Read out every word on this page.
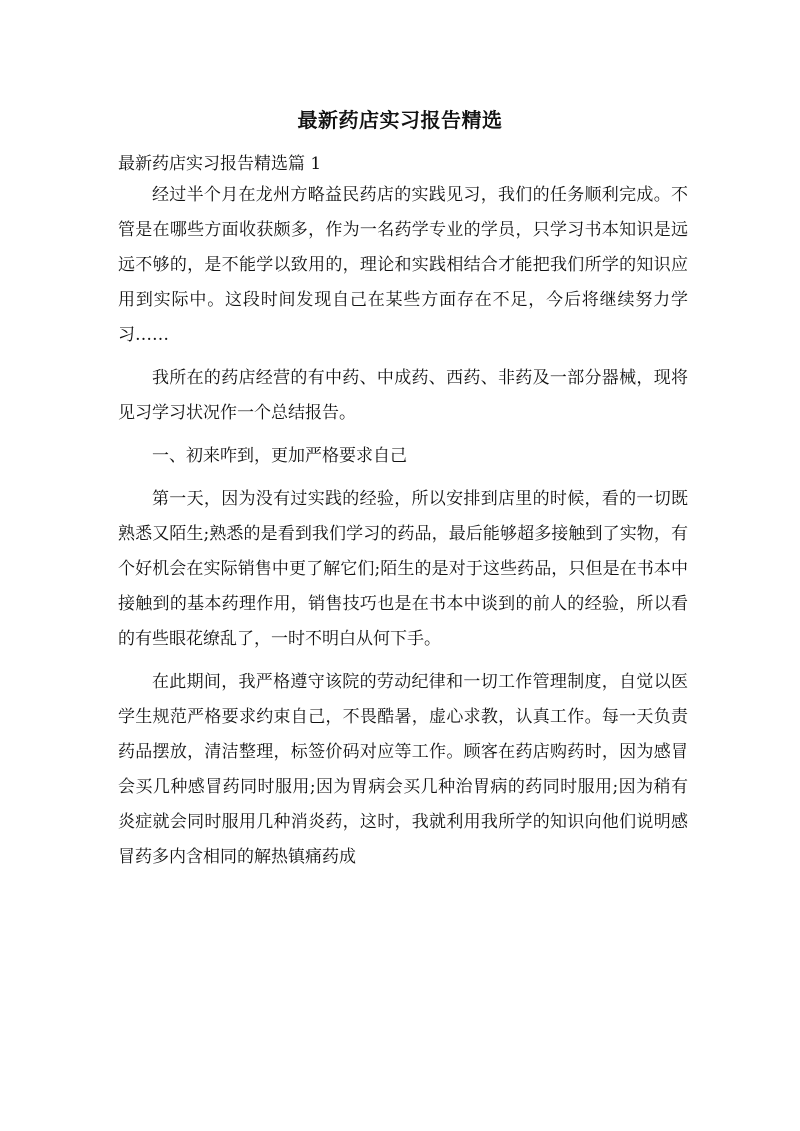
最新药店实习报告精选
最新药店实习报告精选篇 1

经过半个月在龙州方略益民药店的实践见习，我们的任务顺利完成。不管是在哪些方面收获颇多，作为一名药学专业的学员，只学习书本知识是远远不够的，是不能学以致用的，理论和实践相结合才能把我们所学的知识应用到实际中。这段时间发现自己在某些方面存在不足，今后将继续努力学习……

我所在的药店经营的有中药、中成药、西药、非药及一部分器械，现将见习学习状况作一个总结报告。

一、初来咋到，更加严格要求自己

第一天，因为没有过实践的经验，所以安排到店里的时候，看的一切既熟悉又陌生;熟悉的是看到我们学习的药品，最后能够超多接触到了实物，有个好机会在实际销售中更了解它们;陌生的是对于这些药品，只但是在书本中接触到的基本药理作用，销售技巧也是在书本中谈到的前人的经验，所以看的有些眼花缭乱了，一时不明白从何下手。

在此期间，我严格遵守该院的劳动纪律和一切工作管理制度，自觉以医学生规范严格要求约束自己，不畏酷暑，虚心求教，认真工作。每一天负责药品摆放，清洁整理，标签价码对应等工作。顾客在药店购药时，因为感冒会买几种感冒药同时服用;因为胃病会买几种治胃病的药同时服用;因为稍有炎症就会同时服用几种消炎药，这时，我就利用我所学的知识向他们说明感冒药多内含相同的解热镇痛药成
